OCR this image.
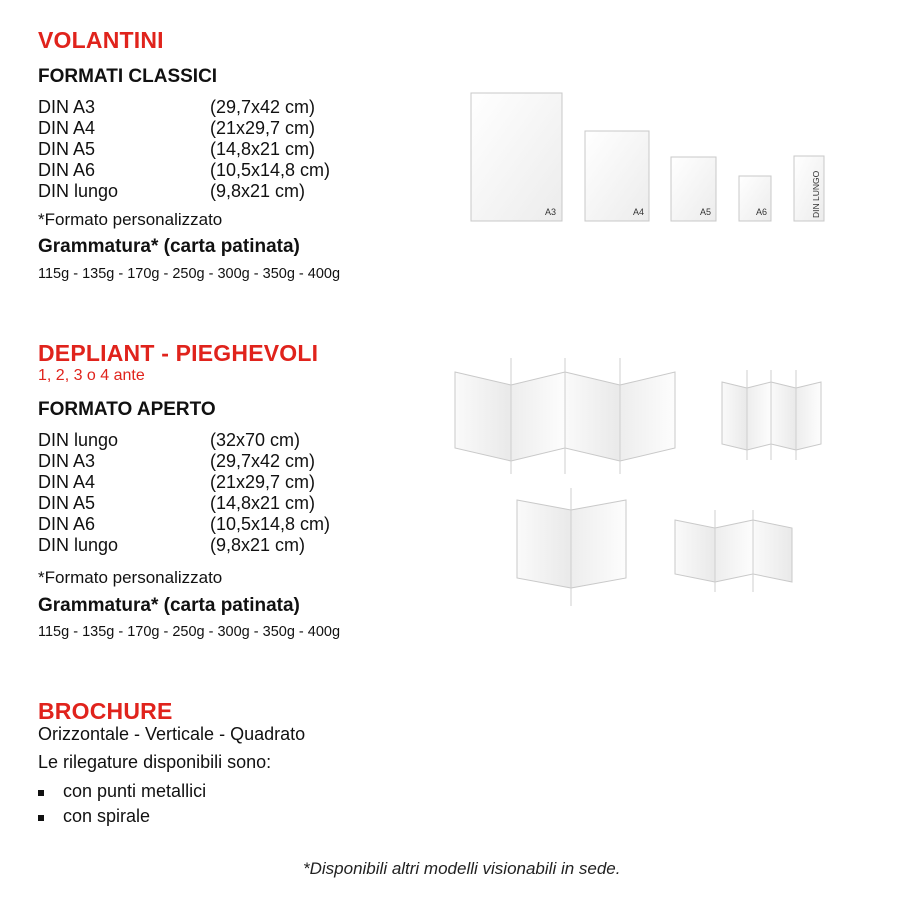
VOLANTINI
FORMATI CLASSICI
DIN A3	(29,7x42 cm)
DIN A4	(21x29,7 cm)
DIN A5	(14,8x21 cm)
DIN A6	(10,5x14,8 cm)
DIN lungo	(9,8x21 cm)
*Formato personalizzato
Grammatura* (carta patinata)
115g - 135g - 170g - 250g - 300g - 350g - 400g
A3	A4	A5	A6	DIN LUNGO
DEPLIANT - PIEGHEVOLI
1, 2, 3 o 4 ante
FORMATO APERTO
DIN lungo	(32x70 cm)
DIN A3	(29,7x42 cm)
DIN A4	(21x29,7 cm)
DIN A5	(14,8x21 cm)
DIN A6	(10,5x14,8 cm)
DIN lungo	(9,8x21 cm)
*Formato personalizzato
Grammatura* (carta patinata)
115g - 135g - 170g - 250g - 300g - 350g - 400g
BROCHURE
Orizzontale - Verticale - Quadrato
Le rilegature disponibili sono:
con punti metallici
con spirale
*Disponibili altri modelli visionabili in sede.
